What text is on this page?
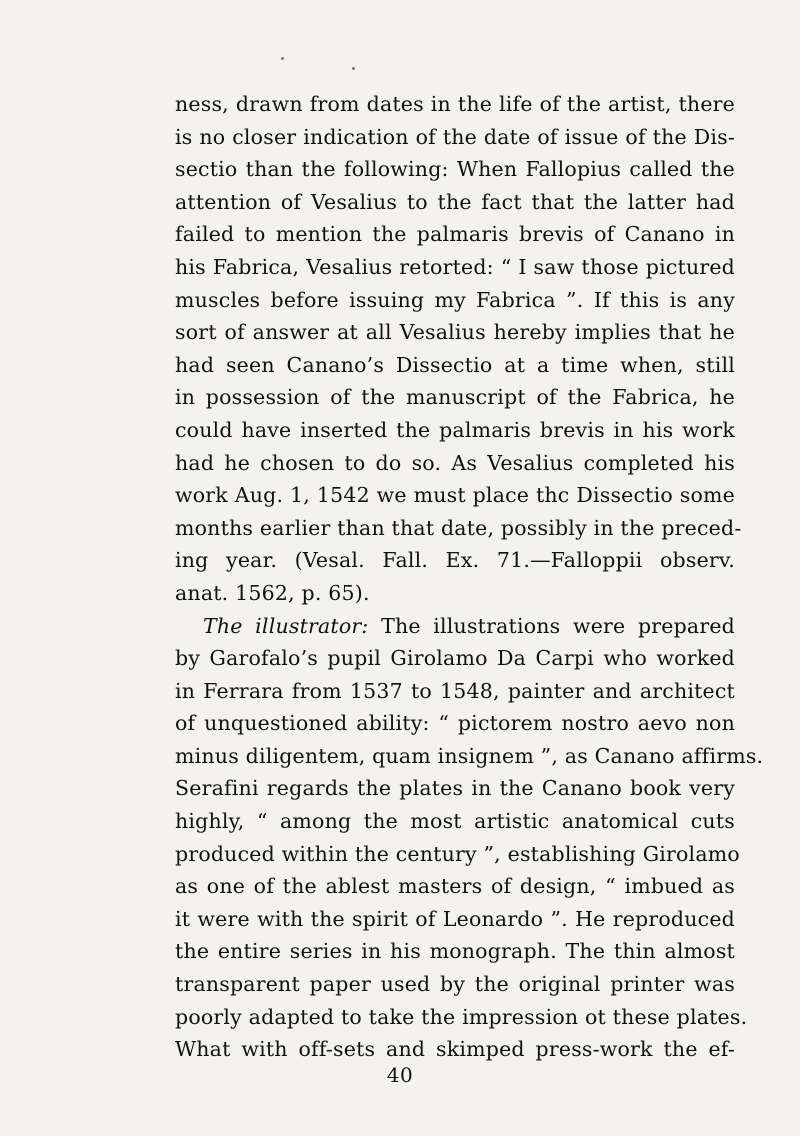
ness, drawn from dates in the life of the artist, there
is no closer indication of the date of issue of the Dis-
sectio than the following: When Fallopius called the
attention of Vesalius to the fact that the latter had
failed to mention the palmaris brevis of Canano in
his Fabrica, Vesalius retorted: “ I saw those pictured
muscles before issuing my Fabrica ”. If this is any
sort of answer at all Vesalius hereby implies that he
had seen Canano’s Dissectio at a time when, still
in possession of the manuscript of the Fabrica, he
could have inserted the palmaris brevis in his work
had he chosen to do so. As Vesalius completed his
work Aug. 1, 1542 we must place thc Dissectio some
months earlier than that date, possibly in the preced-
ing year. (Vesal. Fall. Ex. 71.—Falloppii observ.
anat. 1562, p. 65).
The illustrator: The illustrations were prepared
by Garofalo’s pupil Girolamo Da Carpi who worked
in Ferrara from 1537 to 1548, painter and architect
of unquestioned ability: “ pictorem nostro aevo non
minus diligentem, quam insignem ”, as Canano affirms.
Serafini regards the plates in the Canano book very
highly, “ among the most artistic anatomical cuts
produced within the century ”, establishing Girolamo
as one of the ablest masters of design, “ imbued as
it were with the spirit of Leonardo ”. He reproduced
the entire series in his monograph. The thin almost
transparent paper used by the original printer was
poorly adapted to take the impression ot these plates.
What with off-sets and skimped press-work the ef-
40
